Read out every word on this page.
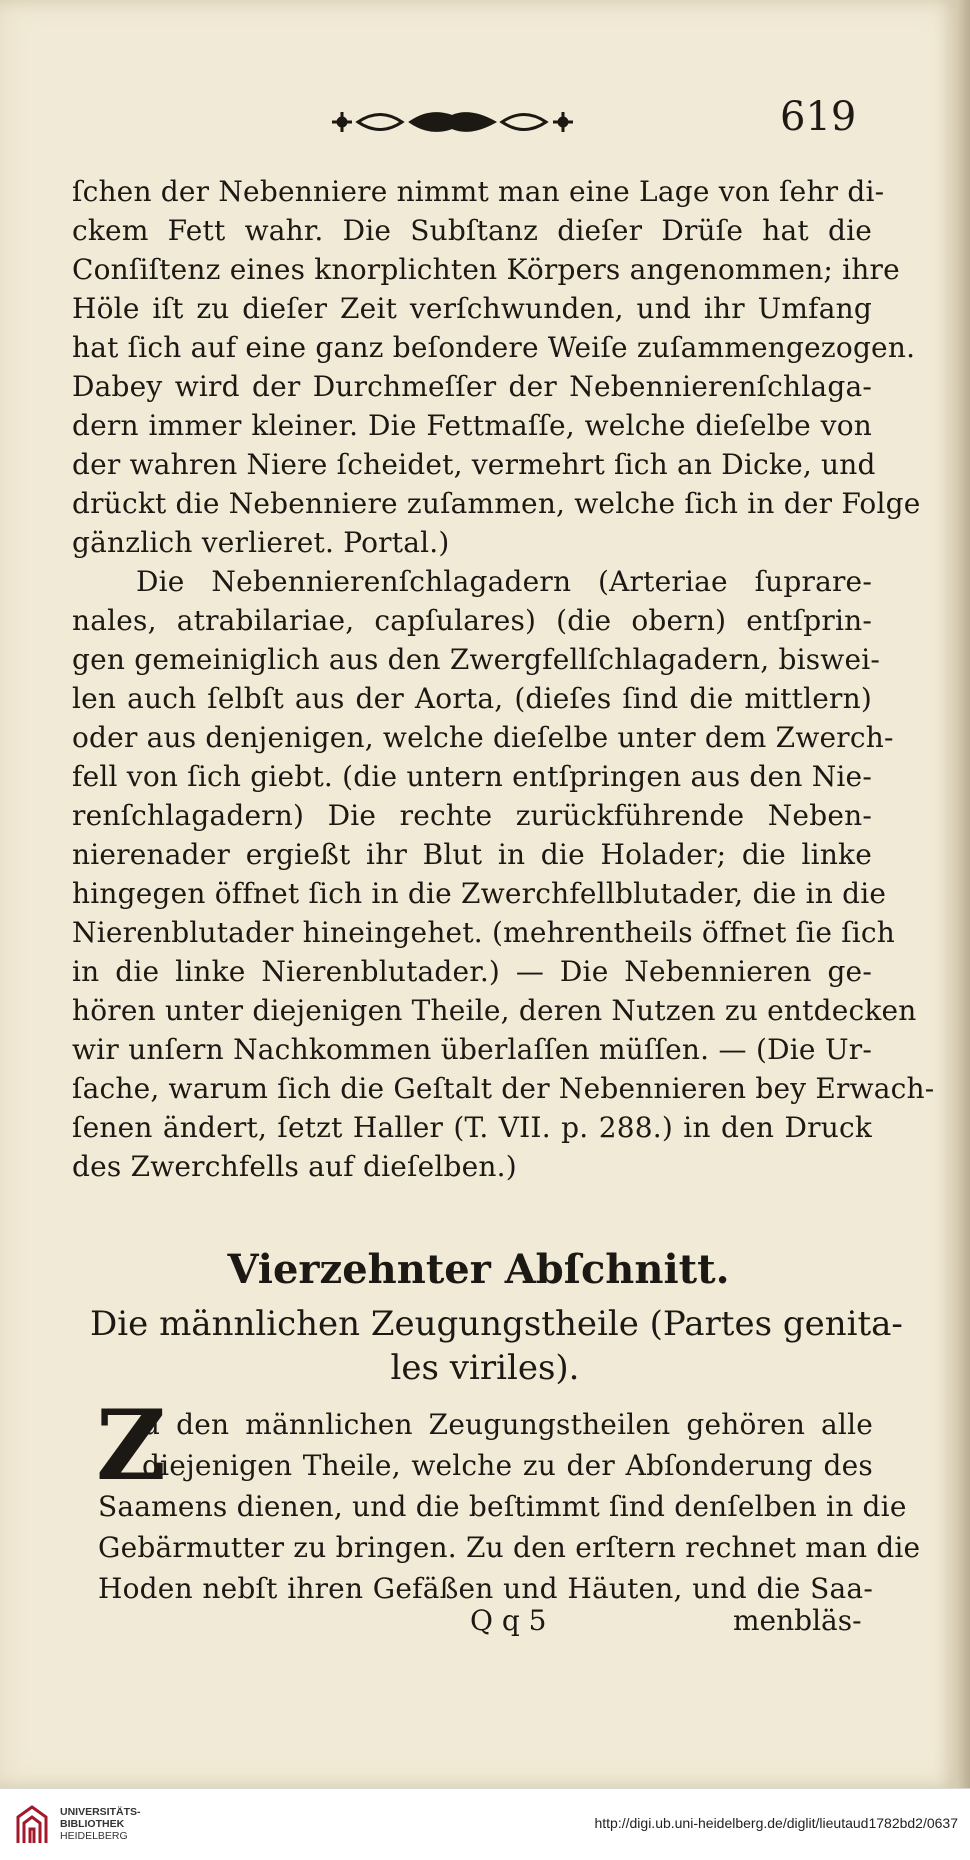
619
ſchen der Nebenniere nimmt man eine Lage von ſehr di-
ckem Fett wahr. Die Subſtanz dieſer Drüſe hat die
Conſiſtenz eines knorplichten Körpers angenommen; ihre
Höle iſt zu dieſer Zeit verſchwunden, und ihr Umfang
hat ſich auf eine ganz beſondere Weiſe zuſammengezogen.
Dabey wird der Durchmeſſer der Nebennierenſchlaga-
dern immer kleiner. Die Fettmaſſe, welche dieſelbe von
der wahren Niere ſcheidet, vermehrt ſich an Dicke, und
drückt die Nebenniere zuſammen, welche ſich in der Folge
gänzlich verlieret. Portal.)
Die Nebennierenſchlagadern (Arteriae ſuprare-
nales, atrabilariae, capſulares) (die obern) entſprin-
gen gemeiniglich aus den Zwergfellſchlagadern, biswei-
len auch ſelbſt aus der Aorta, (dieſes ſind die mittlern)
oder aus denjenigen, welche dieſelbe unter dem Zwerch-
fell von ſich giebt. (die untern entſpringen aus den Nie-
renſchlagadern) Die rechte zurückführende Neben-
nierenader ergießt ihr Blut in die Holader; die linke
hingegen öffnet ſich in die Zwerchfellblutader, die in die
Nierenblutader hineingehet. (mehrentheils öffnet ſie ſich
in die linke Nierenblutader.) — Die Nebennieren ge-
hören unter diejenigen Theile, deren Nutzen zu entdecken
wir unſern Nachkommen überlaſſen müſſen. — (Die Ur-
ſache, warum ſich die Geſtalt der Nebennieren bey Erwach-
ſenen ändert, ſetzt Haller (T. VII. p. 288.) in den Druck
des Zwerchfells auf dieſelben.)
Vierzehnter Abſchnitt.
Die männlichen Zeugungstheile (Partes genita-
les viriles).
Z
u den männlichen Zeugungstheilen gehören alle
diejenigen Theile, welche zu der Abſonderung des
Saamens dienen, und die beſtimmt ſind denſelben in die
Gebärmutter zu bringen. Zu den erſtern rechnet man die
Hoden nebſt ihren Gefäßen und Häuten, und die Saa-
Q q 5	menbläs-
UNIVERSITÄTS-
BIBLIOTHEK
HEIDELBERG
http://digi.ub.uni-heidelberg.de/diglit/lieutaud1782bd2/0637
